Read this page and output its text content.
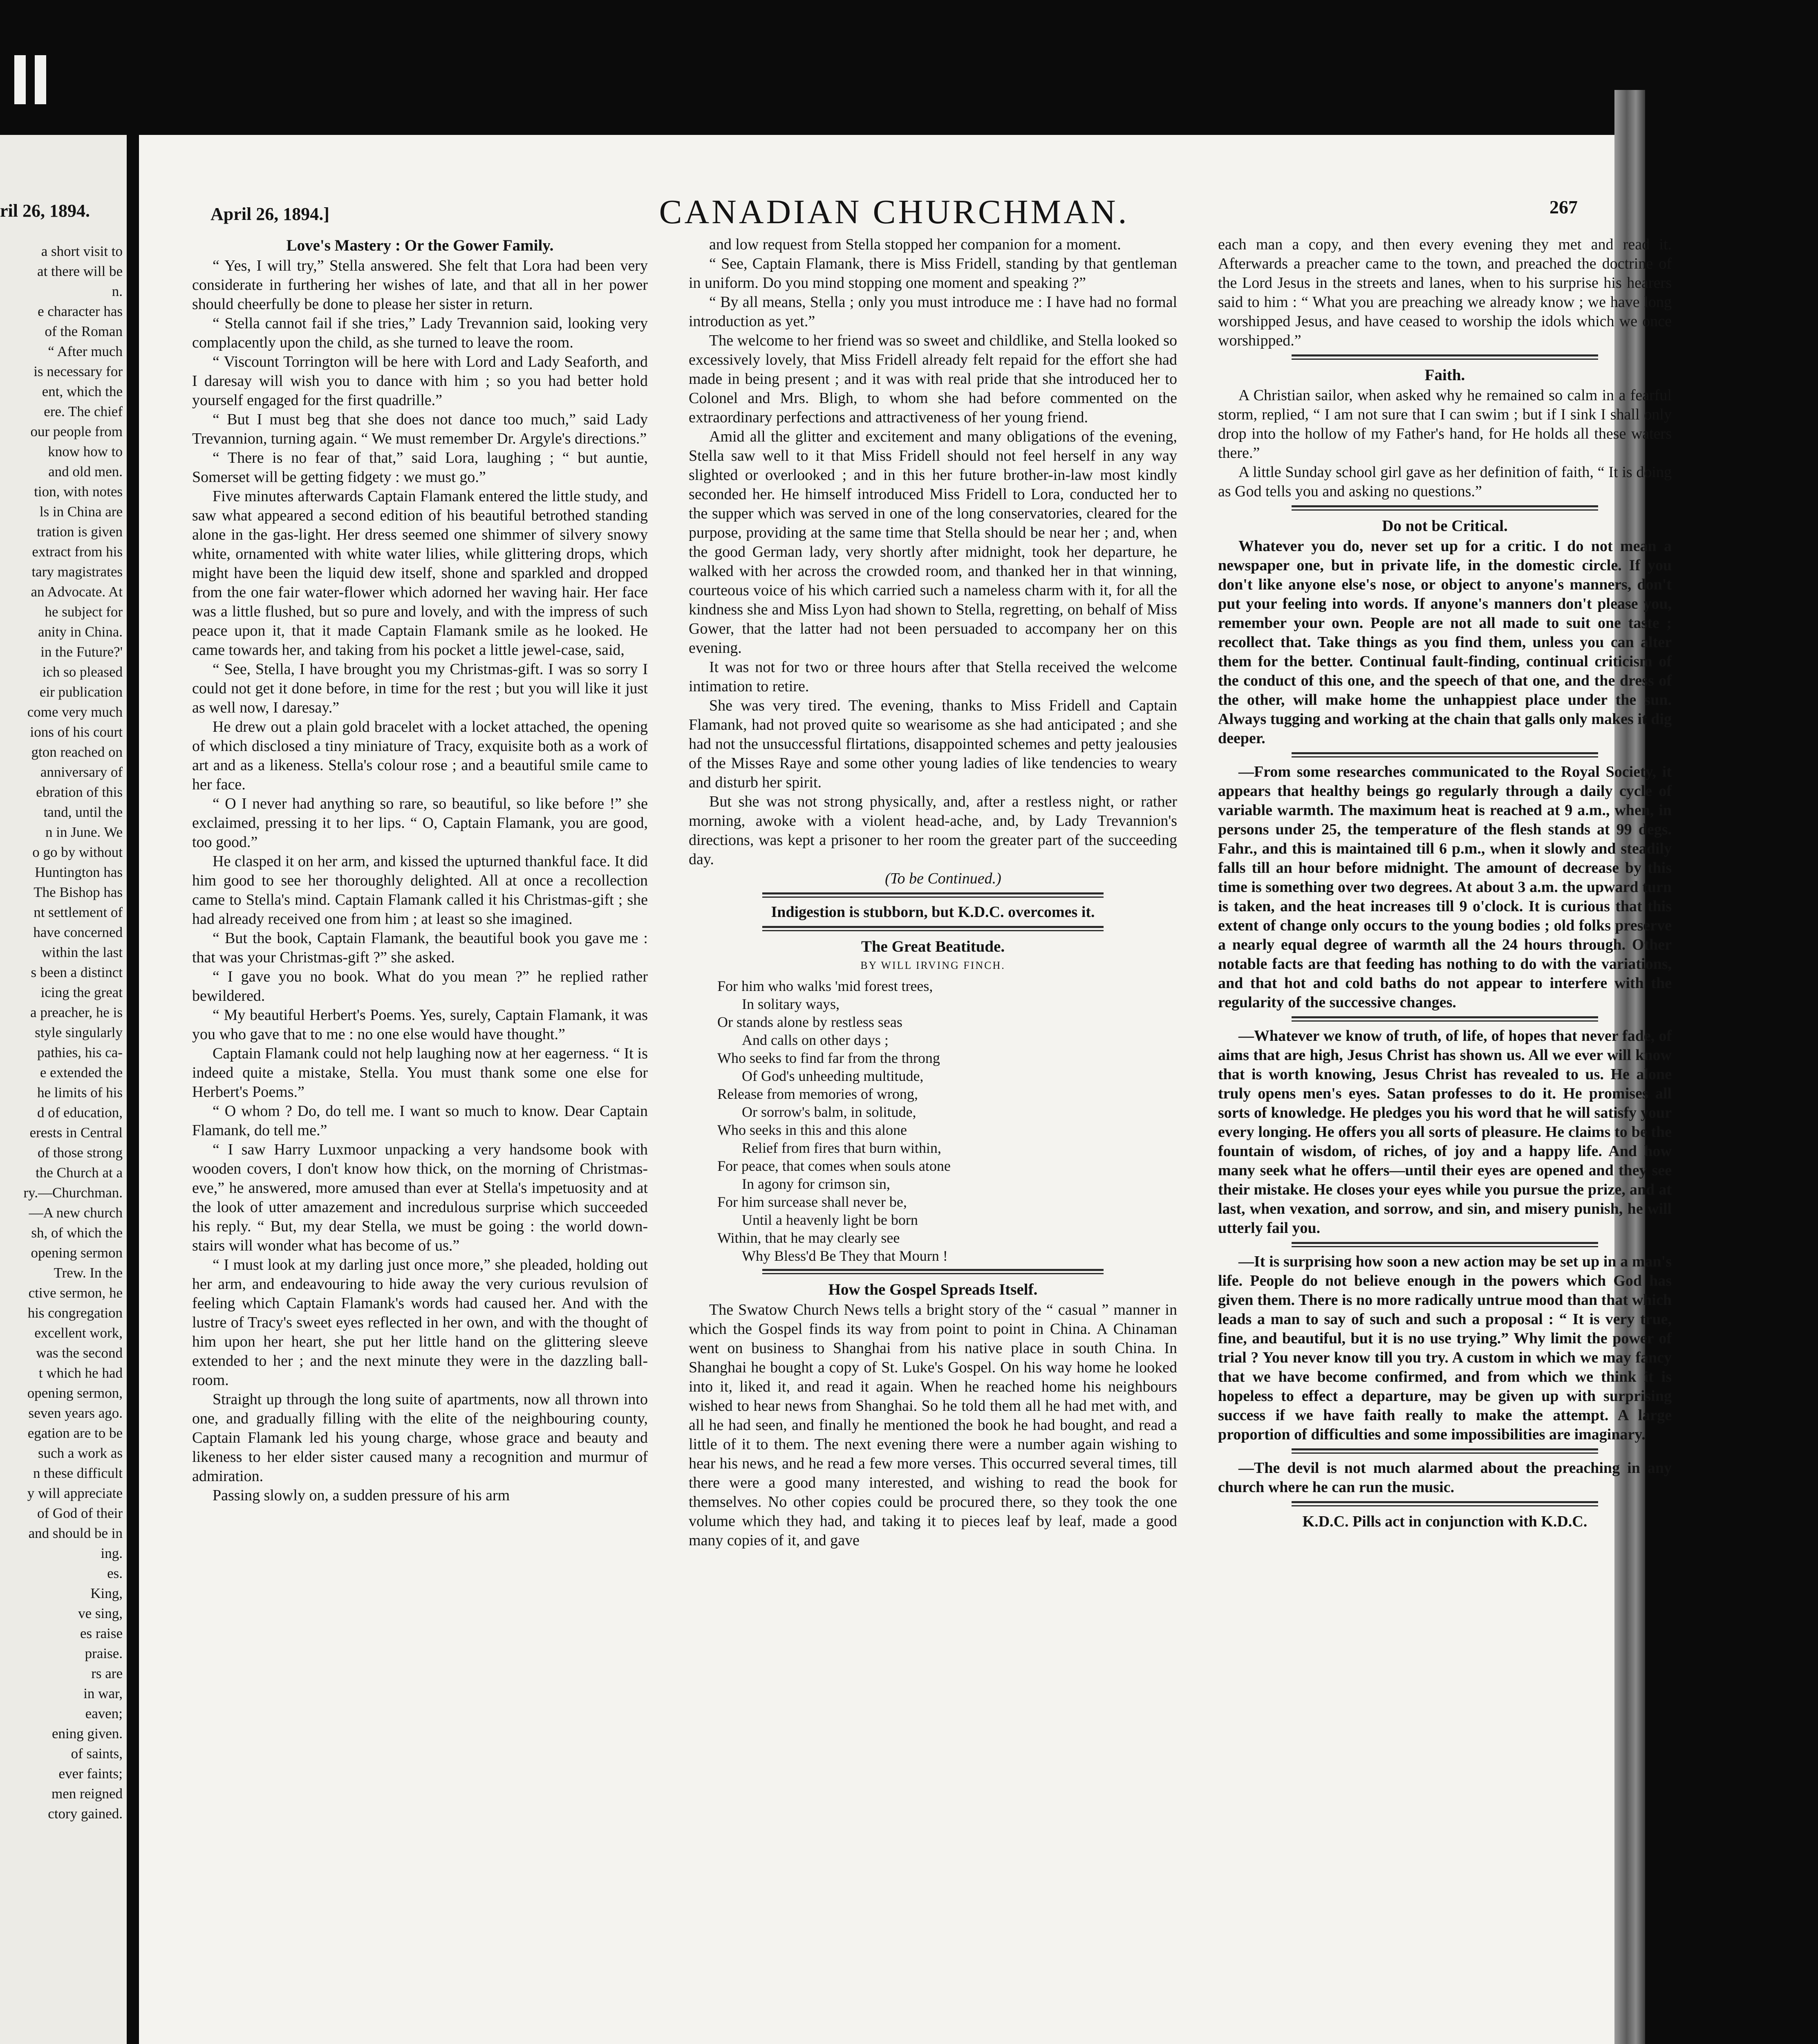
ril 26, 1894.
a short visit to
at there will be
n.
e character has
of the Roman
“ After much
is necessary for
ent, which the
ere. The chief
our people from
know how to
and old men.
tion, with notes
ls in China are
tration is given
extract from his
tary magistrates
an Advocate. At
he subject for
anity in China.
in the Future?'
ich so pleased
eir publication
come very much
ions of his court
gton reached on
anniversary of
ebration of this
tand, until the
n in June. We
o go by without
Huntington has
The Bishop has
nt settlement of
have concerned
within the last
s been a distinct
icing the great
a preacher, he is
style singularly
pathies, his ca-
e extended the
he limits of his
d of education,
erests in Central
of those strong
the Church at a
ry.—Churchman.
—A new church
sh, of which the
opening sermon
Trew. In the
ctive sermon, he
his congregation
excellent work,
was the second
t which he had
opening sermon,
seven years ago.
egation are to be
such a work as
n these difficult
y will appreciate
of God of their
and should be in
ing.
es.
King,
ve sing,
es raise
praise.
rs are
in war,
eaven;
ening given.
of saints,
ever faints;
men reigned
ctory gained.
April 26, 1894.]	CANADIAN CHURCHMAN.	267
Love's Mastery : Or the Gower Family.

“ Yes, I will try,” Stella answered. She felt that Lora had been very considerate in furthering her wishes of late, and that all in her power should cheerfully be done to please her sister in return.

“ Stella cannot fail if she tries,” Lady Trevannion said, looking very complacently upon the child, as she turned to leave the room.

“ Viscount Torrington will be here with Lord and Lady Seaforth, and I daresay will wish you to dance with him ; so you had better hold yourself engaged for the first quadrille.”

“ But I must beg that she does not dance too much,” said Lady Trevannion, turning again. “ We must remember Dr. Argyle's directions.”

“ There is no fear of that,” said Lora, laughing ; “ but auntie, Somerset will be getting fidgety : we must go.”

Five minutes afterwards Captain Flamank entered the little study, and saw what appeared a second edition of his beautiful betrothed standing alone in the gas-light. Her dress seemed one shimmer of silvery snowy white, ornamented with white water lilies, while glittering drops, which might have been the liquid dew itself, shone and sparkled and dropped from the one fair water-flower which adorned her waving hair. Her face was a little flushed, but so pure and lovely, and with the impress of such peace upon it, that it made Captain Flamank smile as he looked. He came towards her, and taking from his pocket a little jewel-case, said,

“ See, Stella, I have brought you my Christmas-gift. I was so sorry I could not get it done before, in time for the rest ; but you will like it just as well now, I daresay.”

He drew out a plain gold bracelet with a locket attached, the opening of which disclosed a tiny miniature of Tracy, exquisite both as a work of art and as a likeness. Stella's colour rose ; and a beautiful smile came to her face.

“ O I never had anything so rare, so beautiful, so like before !” she exclaimed, pressing it to her lips. “ O, Captain Flamank, you are good, too good.”

He clasped it on her arm, and kissed the upturned thankful face. It did him good to see her thoroughly delighted. All at once a recollection came to Stella's mind. Captain Flamank called it his Christmas-gift ; she had already received one from him ; at least so she imagined.

“ But the book, Captain Flamank, the beautiful book you gave me : that was your Christmas-gift ?” she asked.

“ I gave you no book. What do you mean ?” he replied rather bewildered.

“ My beautiful Herbert's Poems. Yes, surely, Captain Flamank, it was you who gave that to me : no one else would have thought.”

Captain Flamank could not help laughing now at her eagerness. “ It is indeed quite a mistake, Stella. You must thank some one else for Herbert's Poems.”

“ O whom ? Do, do tell me. I want so much to know. Dear Captain Flamank, do tell me.”

“ I saw Harry Luxmoor unpacking a very handsome book with wooden covers, I don't know how thick, on the morning of Christmas-eve,” he answered, more amused than ever at Stella's impetuosity and at the look of utter amazement and incredulous surprise which succeeded his reply. “ But, my dear Stella, we must be going : the world down-stairs will wonder what has become of us.”

“ I must look at my darling just once more,” she pleaded, holding out her arm, and endeavouring to hide away the very curious revulsion of feeling which Captain Flamank's words had caused her. And with the lustre of Tracy's sweet eyes reflected in her own, and with the thought of him upon her heart, she put her little hand on the glittering sleeve extended to her ; and the next minute they were in the dazzling ball-room.

Straight up through the long suite of apartments, now all thrown into one, and gradually filling with the elite of the neighbouring county, Captain Flamank led his young charge, whose grace and beauty and likeness to her elder sister caused many a recognition and murmur of admiration.

Passing slowly on, a sudden pressure of his arm

and low request from Stella stopped her companion for a moment.

“ See, Captain Flamank, there is Miss Fridell, standing by that gentleman in uniform. Do you mind stopping one moment and speaking ?”

“ By all means, Stella ; only you must introduce me : I have had no formal introduction as yet.”

The welcome to her friend was so sweet and childlike, and Stella looked so excessively lovely, that Miss Fridell already felt repaid for the effort she had made in being present ; and it was with real pride that she introduced her to Colonel and Mrs. Bligh, to whom she had before commented on the extraordinary perfections and attractiveness of her young friend.

Amid all the glitter and excitement and many obligations of the evening, Stella saw well to it that Miss Fridell should not feel herself in any way slighted or overlooked ; and in this her future brother-in-law most kindly seconded her. He himself introduced Miss Fridell to Lora, conducted her to the supper which was served in one of the long conservatories, cleared for the purpose, providing at the same time that Stella should be near her ; and, when the good German lady, very shortly after midnight, took her departure, he walked with her across the crowded room, and thanked her in that winning, courteous voice of his which carried such a nameless charm with it, for all the kindness she and Miss Lyon had shown to Stella, regretting, on behalf of Miss Gower, that the latter had not been persuaded to accompany her on this evening.

It was not for two or three hours after that Stella received the welcome intimation to retire.

She was very tired. The evening, thanks to Miss Fridell and Captain Flamank, had not proved quite so wearisome as she had anticipated ; and she had not the unsuccessful flirtations, disappointed schemes and petty jealousies of the Misses Raye and some other young ladies of like tendencies to weary and disturb her spirit.

But she was not strong physically, and, after a restless night, or rather morning, awoke with a violent head-ache, and, by Lady Trevannion's directions, was kept a prisoner to her room the greater part of the succeeding day.

(To be Continued.)

Indigestion is stubborn, but K.D.C. overcomes it.

The Great Beatitude.
BY WILL IRVING FINCH.
For him who walks 'mid forest trees,
In solitary ways,
Or stands alone by restless seas
And calls on other days ;
Who seeks to find far from the throng
Of God's unheeding multitude,
Release from memories of wrong,
Or sorrow's balm, in solitude,
Who seeks in this and this alone
Relief from fires that burn within,
For peace, that comes when souls atone
In agony for crimson sin,
For him surcease shall never be,
Until a heavenly light be born
Within, that he may clearly see
Why Bless'd Be They that Mourn !
How the Gospel Spreads Itself.

The Swatow Church News tells a bright story of the “ casual ” manner in which the Gospel finds its way from point to point in China. A Chinaman went on business to Shanghai from his native place in south China. In Shanghai he bought a copy of St. Luke's Gospel. On his way home he looked into it, liked it, and read it again. When he reached home his neighbours wished to hear news from Shanghai. So he told them all he had met with, and all he had seen, and finally he mentioned the book he had bought, and read a little of it to them. The next evening there were a number again wishing to hear his news, and he read a few more verses. This occurred several times, till there were a good many interested, and wishing to read the book for themselves. No other copies could be procured there, so they took the one volume which they had, and taking it to pieces leaf by leaf, made a good many copies of it, and gave

each man a copy, and then every evening they met and read it. Afterwards a preacher came to the town, and preached the doctrine of the Lord Jesus in the streets and lanes, when to his surprise his hearers said to him : “ What you are preaching we already know ; we have long worshipped Jesus, and have ceased to worship the idols which we once worshipped.”

Faith.

A Christian sailor, when asked why he remained so calm in a fearful storm, replied, “ I am not sure that I can swim ; but if I sink I shall only drop into the hollow of my Father's hand, for He holds all these waters there.”

A little Sunday school girl gave as her definition of faith, “ It is doing as God tells you and asking no questions.”

Do not be Critical.

Whatever you do, never set up for a critic. I do not mean a newspaper one, but in private life, in the domestic circle. If you don't like anyone else's nose, or object to anyone's manners, don't put your feeling into words. If anyone's manners don't please you, remember your own. People are not all made to suit one taste ; recollect that. Take things as you find them, unless you can alter them for the better. Continual fault-finding, continual criticism of the conduct of this one, and the speech of that one, and the dress of the other, will make home the unhappiest place under the sun. Always tugging and working at the chain that galls only makes it dig deeper.

—From some researches communicated to the Royal Society, it appears that healthy beings go regularly through a daily cycle of variable warmth. The maximum heat is reached at 9 a.m., when, in persons under 25, the temperature of the flesh stands at 99 degs. Fahr., and this is maintained till 6 p.m., when it slowly and steadily falls till an hour before midnight. The amount of decrease by this time is something over two degrees. At about 3 a.m. the upward turn is taken, and the heat increases till 9 o'clock. It is curious that this extent of change only occurs to the young bodies ; old folks preserve a nearly equal degree of warmth all the 24 hours through. Other notable facts are that feeding has nothing to do with the variations, and that hot and cold baths do not appear to interfere with the regularity of the successive changes.

—Whatever we know of truth, of life, of hopes that never fade, of aims that are high, Jesus Christ has shown us. All we ever will know that is worth knowing, Jesus Christ has revealed to us. He alone truly opens men's eyes. Satan professes to do it. He promises all sorts of knowledge. He pledges you his word that he will satisfy your every longing. He offers you all sorts of pleasure. He claims to be the fountain of wisdom, of riches, of joy and a happy life. And how many seek what he offers—until their eyes are opened and they see their mistake. He closes your eyes while you pursue the prize, and at last, when vexation, and sorrow, and sin, and misery punish, he will utterly fail you.

—It is surprising how soon a new action may be set up in a man's life. People do not believe enough in the powers which God has given them. There is no more radically untrue mood than that which leads a man to say of such and such a proposal : “ It is very true, fine, and beautiful, but it is no use trying.” Why limit the power of trial ? You never know till you try. A custom in which we may fancy that we have become confirmed, and from which we think it is hopeless to effect a departure, may be given up with surprising success if we have faith really to make the attempt. A large proportion of difficulties and some impossibilities are imaginary.

—The devil is not much alarmed about the preaching in any church where he can run the music.

K.D.C. Pills act in conjunction with K.D.C.
